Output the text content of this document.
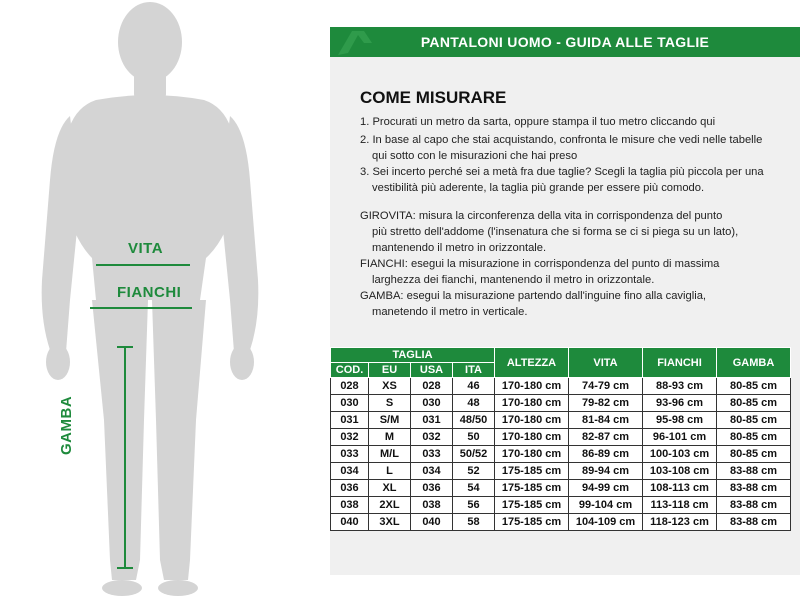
VITA
FIANCHI
GAMBA
PANTALONI UOMO - GUIDA ALLE TAGLIE
COME MISURARE
1. Procurati un metro da sarta, oppure stampa il tuo metro cliccando qui
2. In base al capo che stai acquistando, confronta le misure che vedi nelle tabelle
qui sotto con le misurazioni che hai preso
3. Sei incerto perché sei a metà fra due taglie? Scegli la taglia più piccola per una
vestibilità più aderente, la taglia più grande per essere più comodo.
GIROVITA: misura la circonferenza della vita in corrispondenza del punto
più stretto dell'addome (l'insenatura che si forma se ci si piega su un lato),
mantenendo il metro in orizzontale.
FIANCHI: esegui la misurazione in corrispondenza del punto di massima
larghezza dei fianchi, mantenendo il metro in orizzontale.
GAMBA: esegui la misurazione partendo dall'inguine fino alla caviglia,
manetendo il metro in verticale.
TAGLIA				ALTEZZA	VITA	FIANCHI	GAMBA
COD.	EU	USA	ITA				
028	XS	028	46	170-180 cm	74-79 cm	88-93 cm	80-85 cm
030	S	030	48	170-180 cm	79-82 cm	93-96 cm	80-85 cm
031	S/M	031	48/50	170-180 cm	81-84 cm	95-98 cm	80-85 cm
032	M	032	50	170-180 cm	82-87 cm	96-101 cm	80-85 cm
033	M/L	033	50/52	170-180 cm	86-89 cm	100-103 cm	80-85 cm
034	L	034	52	175-185 cm	89-94 cm	103-108 cm	83-88 cm
036	XL	036	54	175-185 cm	94-99 cm	108-113 cm	83-88 cm
038	2XL	038	56	175-185 cm	99-104 cm	113-118 cm	83-88 cm
040	3XL	040	58	175-185 cm	104-109 cm	118-123 cm	83-88 cm
